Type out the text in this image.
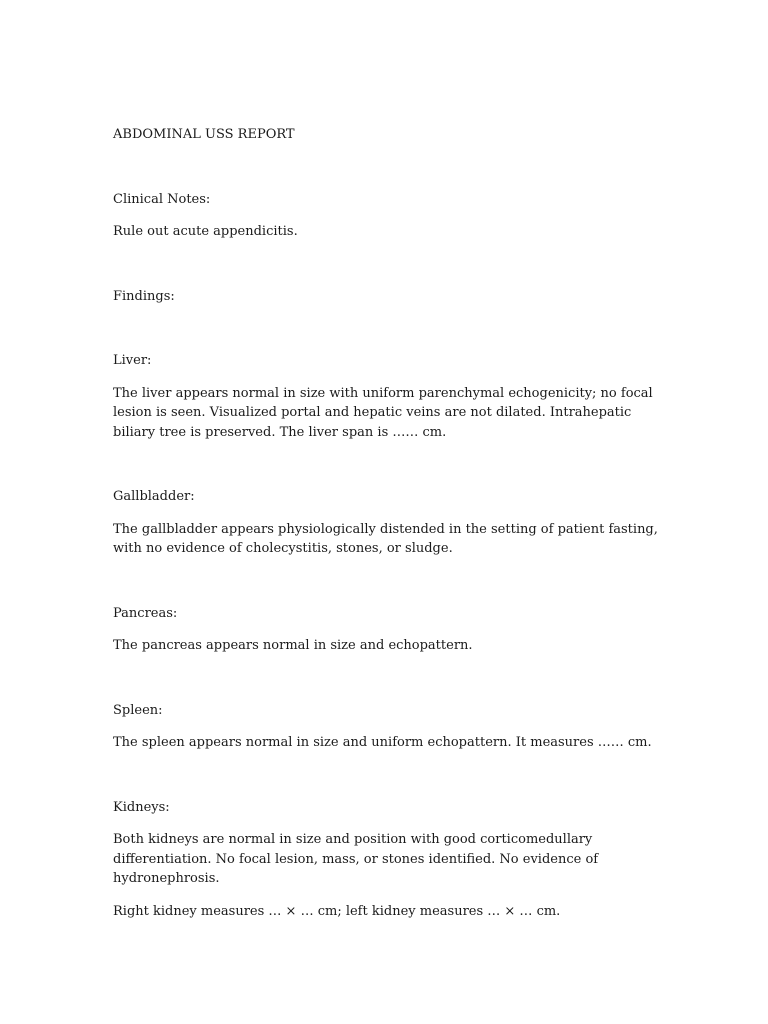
ABDOMINAL USS REPORT

Clinical Notes:

Rule out acute appendicitis.

Findings:

Liver:

The liver appears normal in size with uniform parenchymal echogenicity; no focal lesion is seen. Visualized portal and hepatic veins are not dilated. Intrahepatic biliary tree is preserved. The liver span is …… cm.

Gallbladder:

The gallbladder appears physiologically distended in the setting of patient fasting, with no evidence of cholecystitis, stones, or sludge.

Pancreas:

The pancreas appears normal in size and echopattern.

Spleen:

The spleen appears normal in size and uniform echopattern. It measures …… cm.

Kidneys:

Both kidneys are normal in size and position with good corticomedullary differentiation. No focal lesion, mass, or stones identified. No evidence of hydronephrosis.

Right kidney measures … × … cm; left kidney measures … × … cm.
